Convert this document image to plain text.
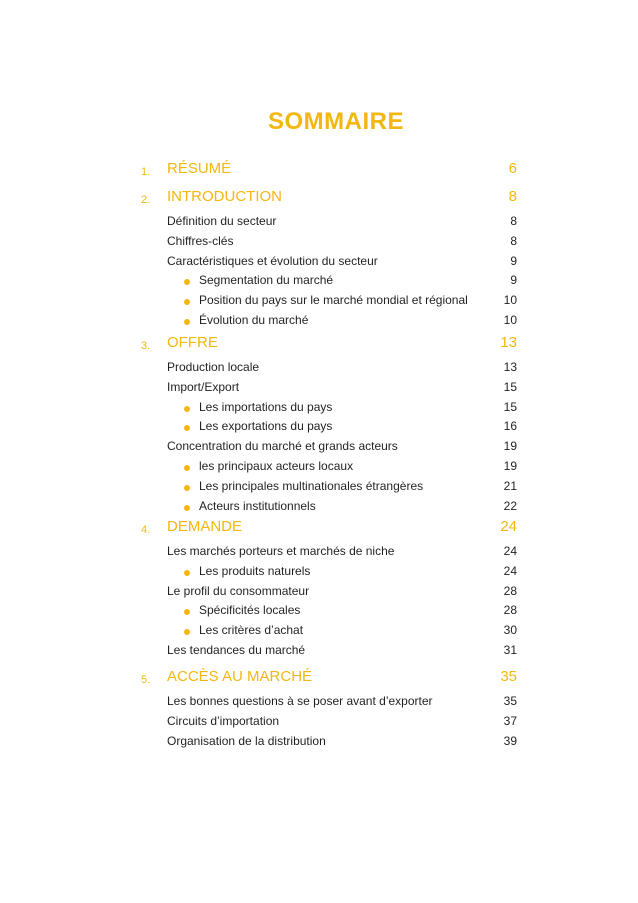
SOMMAIRE
1. RÉSUMÉ	6
2. INTRODUCTION	8
Définition du secteur	8
Chiffres-clés	8
Caractéristiques et évolution du secteur	9
Segmentation du marché	9
Position du pays sur le marché mondial et régional	10
Évolution du marché	10
3. OFFRE	13
Production locale	13
Import/Export	15
Les importations du pays	15
Les exportations du pays	16
Concentration du marché et grands acteurs	19
les principaux acteurs locaux	19
Les principales multinationales étrangères	21
Acteurs institutionnels	22
4. DEMANDE	24
Les marchés porteurs et marchés de niche	24
Les produits naturels	24
Le profil du consommateur	28
Spécificités locales	28
Les critères d’achat	30
Les tendances du marché	31
5. ACCÈS AU MARCHÉ	35
Les bonnes questions à se poser avant d’exporter	35
Circuits d’importation	37
Organisation de la distribution	39
